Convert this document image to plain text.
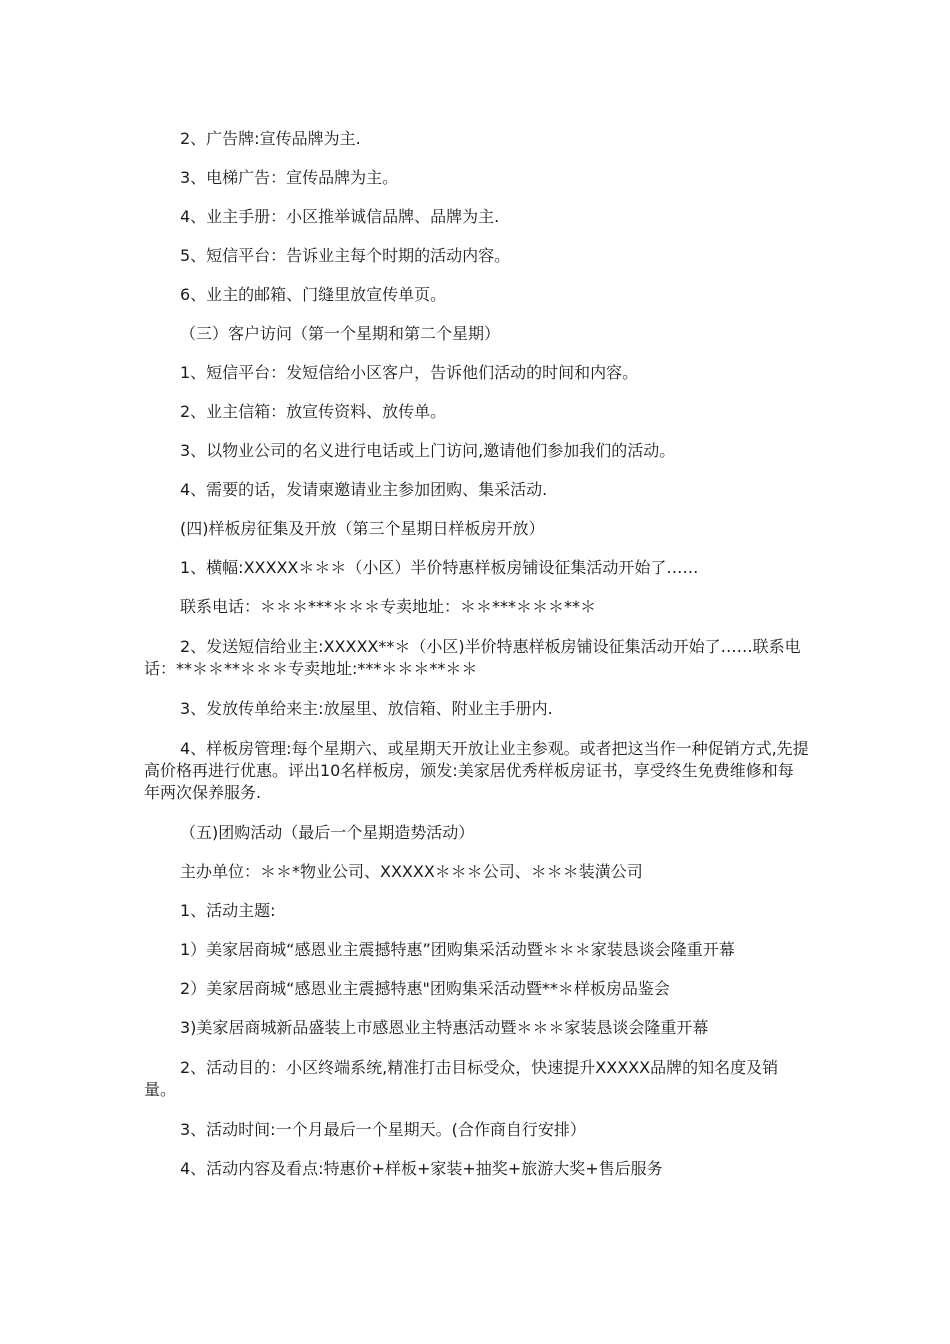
2、广告牌:宣传品牌为主.

3、电梯广告：宣传品牌为主。

4、业主手册：小区推举诚信品牌、品牌为主.

5、短信平台：告诉业主每个时期的活动内容。

6、业主的邮箱、门缝里放宣传单页。

（三）客户访问（第一个星期和第二个星期）

1、短信平台：发短信给小区客户，告诉他们活动的时间和内容。

2、业主信箱：放宣传资料、放传单。

3、以物业公司的名义进行电话或上门访问,邀请他们参加我们的活动。

4、需要的话，发请柬邀请业主参加团购、集采活动.

(四)样板房征集及开放（第三个星期日样板房开放）

1、横幅:XXXXX＊＊＊（小区）半价特惠样板房铺设征集活动开始了……

联系电话：＊＊＊***＊＊＊专卖地址：＊＊***＊＊＊**＊

2、发送短信给业主:XXXXX**＊（小区)半价特惠样板房铺设征集活动开始了……联系电话：**＊＊**＊＊＊专卖地址:***＊＊＊**＊＊

3、发放传单给来主:放屋里、放信箱、附业主手册内.

4、样板房管理:每个星期六、或星期天开放让业主参观。或者把这当作一种促销方式,先提高价格再进行优惠。评出10名样板房，颁发:美家居优秀样板房证书，享受终生免费维修和每年两次保养服务.

（五)团购活动（最后一个星期造势活动）

主办单位：＊＊*物业公司、XXXXX＊＊＊公司、＊＊＊装潢公司

1、活动主题:

1）美家居商城“感恩业主震撼特惠”团购集采活动暨＊＊＊家装恳谈会隆重开幕

2）美家居商城“感恩业主震撼特惠"团购集采活动暨**＊样板房品鉴会

3)美家居商城新品盛装上市感恩业主特惠活动暨＊＊＊家装恳谈会隆重开幕

2、活动目的：小区终端系统,精准打击目标受众，快速提升XXXXX品牌的知名度及销量。

3、活动时间:一个月最后一个星期天。(合作商自行安排）

4、活动内容及看点:特惠价+样板+家装+抽奖+旅游大奖+售后服务
